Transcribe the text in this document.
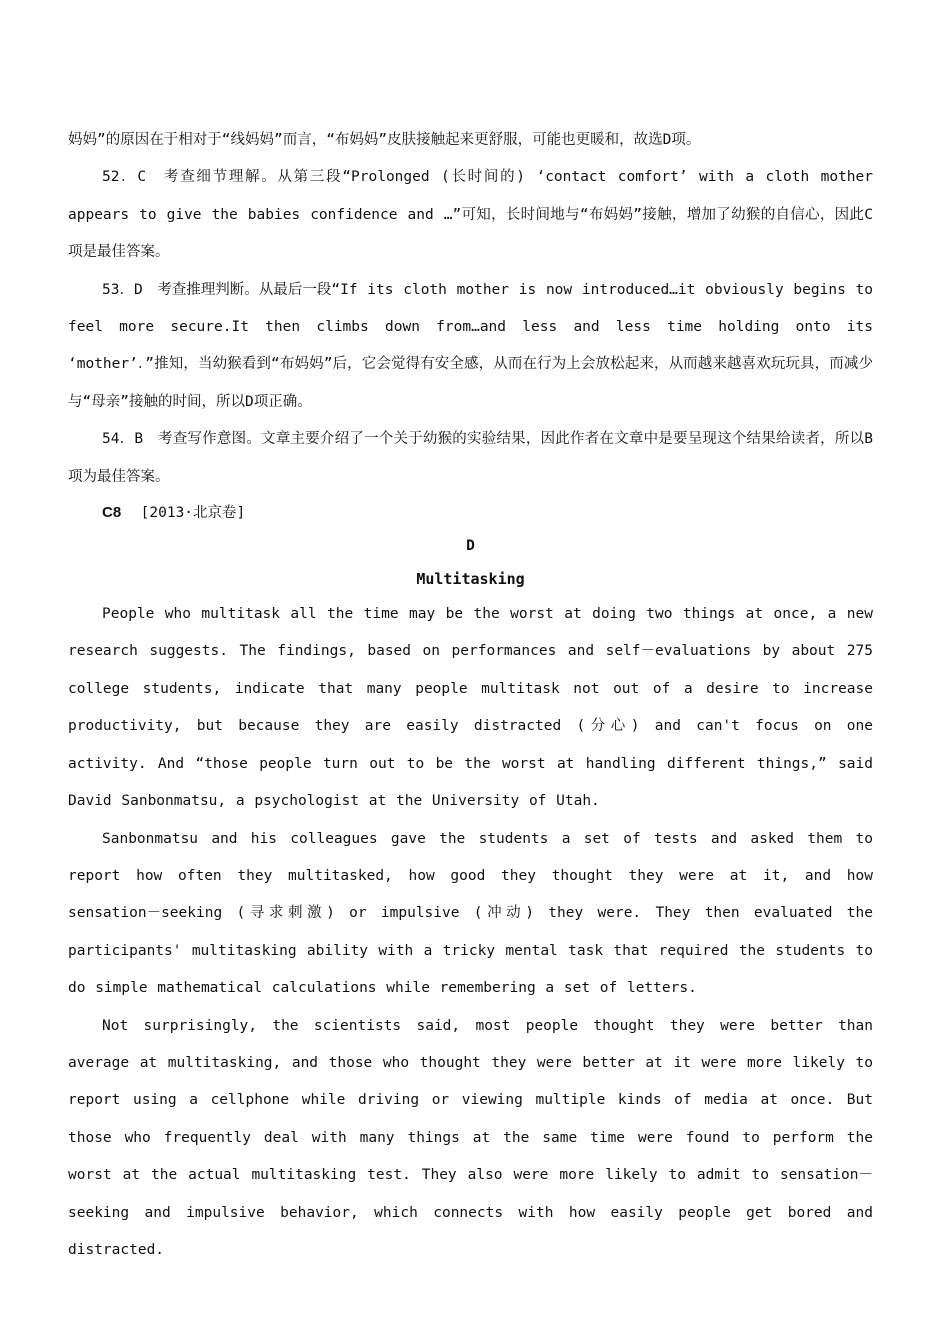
妈妈”的原因在于相对于“线妈妈”而言，“布妈妈”皮肤接触起来更舒服，可能也更暖和，故选D项。

52．C　考查细节理解。从第三段“Prolonged (长时间的) ‘contact comfort’ with a cloth mother appears to give the babies confidence and …”可知，长时间地与“布妈妈”接触，增加了幼猴的自信心，因此C项是最佳答案。

53．D　考查推理判断。从最后一段“If its cloth mother is now introduced…it obviously begins to feel more secure.It then climbs down from…and less and less time holding onto its ‘mother’．”推知，当幼猴看到“布妈妈”后，它会觉得有安全感，从而在行为上会放松起来，从而越来越喜欢玩玩具，而减少与“母亲”接触的时间，所以D项正确。

54．B　考查写作意图。文章主要介绍了一个关于幼猴的实验结果，因此作者在文章中是要呈现这个结果给读者，所以B项为最佳答案。

C8 [2013·北京卷]

D

Multitasking

People who multitask all the time may be the worst at doing two things at once, a new research suggests. The findings, based on performances and self－evaluations by about 275 college students, indicate that many people multitask not out of a desire to increase productivity, but because they are easily distracted (分心) and can't focus on one activity. And “those people turn out to be the worst at handling different things,” said David Sanbonmatsu, a psychologist at the University of Utah.

Sanbonmatsu and his colleagues gave the students a set of tests and asked them to report how often they multitasked, how good they thought they were at it, and how sensation－seeking (寻求刺激) or impulsive (冲动) they were. They then evaluated the participants' multitasking ability with a tricky mental task that required the students to do simple mathematical calculations while remembering a set of letters.

Not surprisingly, the scientists said, most people thought they were better than average at multitasking, and those who thought they were better at it were more likely to report using a cellphone while driving or viewing multiple kinds of media at once. But those who frequently deal with many things at the same time were found to perform the worst at the actual multitasking test. They also were more likely to admit to sensation－seeking and impulsive behavior, which connects with how easily people get bored and distracted.
